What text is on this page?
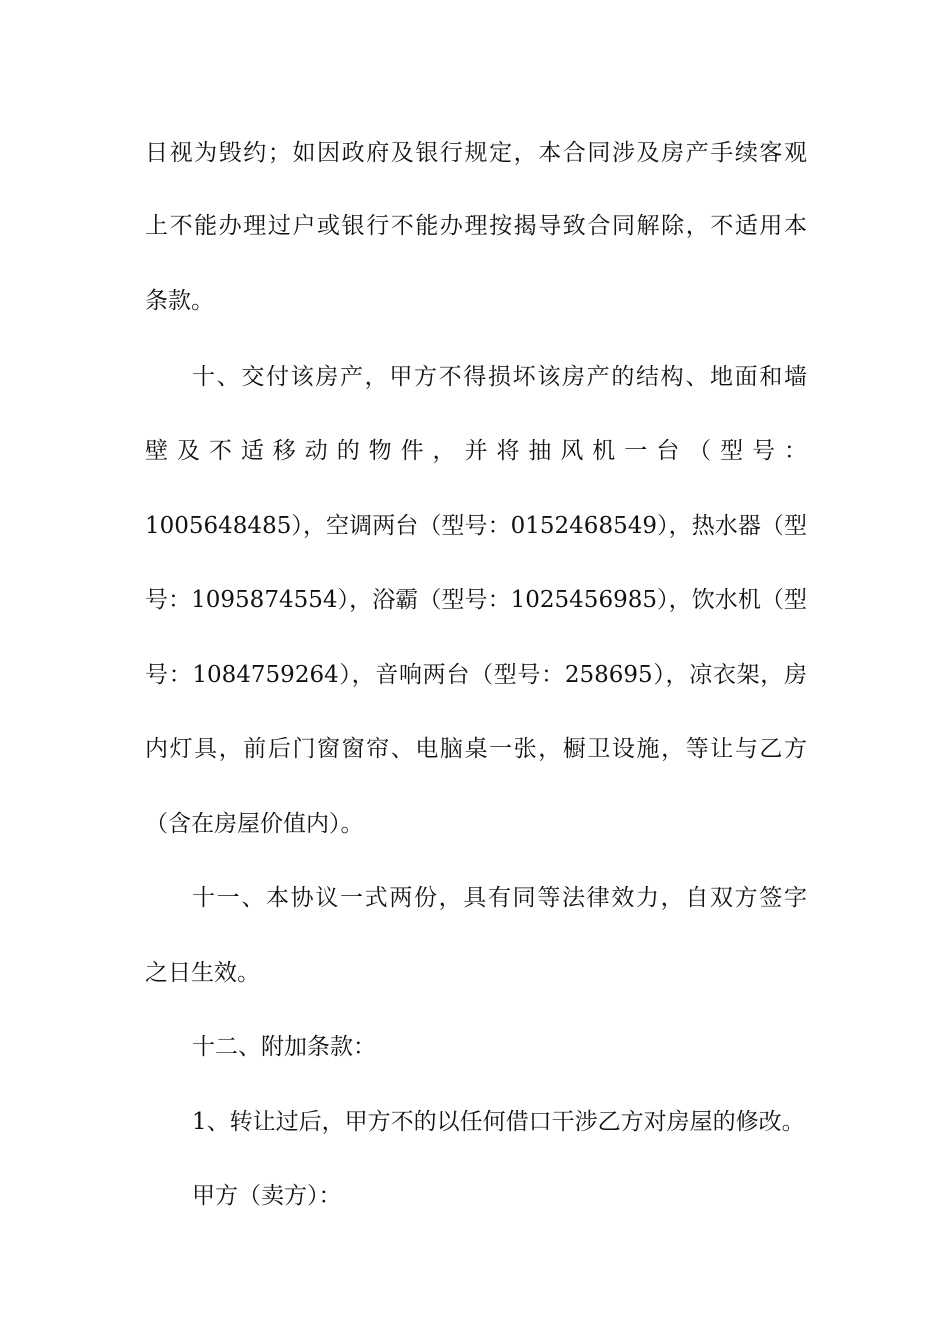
日视为毁约；如因政府及银行规定，本合同涉及房产手续客观
上不能办理过户或银行不能办理按揭导致合同解除，不适用本
条款。
十、交付该房产，甲方不得损坏该房产的结构、地面和墙
壁及不适移动的物件，并将抽风机一台（型号：
1005648485），空调两台（型号：0152468549），热水器（型
号：1095874554），浴霸（型号：1025456985），饮水机（型
号：1084759264），音响两台（型号：258695），凉衣架，房
内灯具，前后门窗窗帘、电脑桌一张，橱卫设施，等让与乙方
（含在房屋价值内）。
十一、本协议一式两份，具有同等法律效力，自双方签字
之日生效。
十二、附加条款：
1、转让过后，甲方不的以任何借口干涉乙方对房屋的修改。
甲方（卖方）：
